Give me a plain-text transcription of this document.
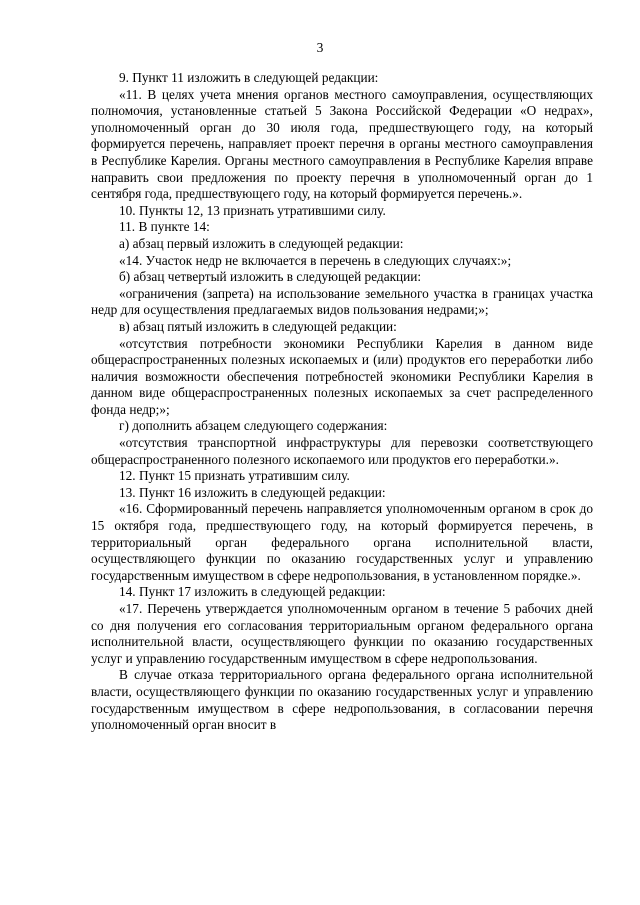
3

9. Пункт 11 изложить в следующей редакции:

«11. В целях учета мнения органов местного самоуправления, осуществляющих полномочия, установленные статьей 5 Закона Российской Федерации «О недрах», уполномоченный орган до 30 июля года, предшествующего году, на который формируется перечень, направляет проект перечня в органы местного самоуправления в Республике Карелия. Органы местного самоуправления в Республике Карелия вправе направить свои предложения по проекту перечня в уполномоченный орган до 1 сентября года, предшествующего году, на который формируется перечень.».

10. Пункты 12, 13 признать утратившими силу.

11. В пункте 14:

а) абзац первый изложить в следующей редакции:

«14. Участок недр не включается в перечень в следующих случаях:»;

б) абзац четвертый изложить в следующей редакции:

«ограничения (запрета) на использование земельного участка в границах участка недр для осуществления предлагаемых видов пользования недрами;»;

в) абзац пятый изложить в следующей редакции:

«отсутствия потребности экономики Республики Карелия в данном виде общераспространенных полезных ископаемых и (или) продуктов его переработки либо наличия возможности обеспечения потребностей экономики Республики Карелия в данном виде общераспространенных полезных ископаемых за счет распределенного фонда недр;»;

г) дополнить абзацем следующего содержания:

«отсутствия транспортной инфраструктуры для перевозки соответствующего общераспространенного полезного ископаемого или продуктов его переработки.».

12. Пункт 15 признать утратившим силу.

13. Пункт 16 изложить в следующей редакции:

«16. Сформированный перечень направляется уполномоченным органом в срок до 15 октября года, предшествующего году, на который формируется перечень, в территориальный орган федерального органа исполнительной власти, осуществляющего функции по оказанию государственных услуг и управлению государственным имуществом в сфере недропользования, в установленном порядке.».

14. Пункт 17 изложить в следующей редакции:

«17. Перечень утверждается уполномоченным органом в течение 5 рабочих дней со дня получения его согласования территориальным органом федерального органа исполнительной власти, осуществляющего функции по оказанию государственных услуг и управлению государственным имуществом в сфере недропользования.

В случае отказа территориального органа федерального органа исполнительной власти, осуществляющего функции по оказанию государственных услуг и управлению государственным имуществом в сфере недропользования, в согласовании перечня уполномоченный орган вносит в
